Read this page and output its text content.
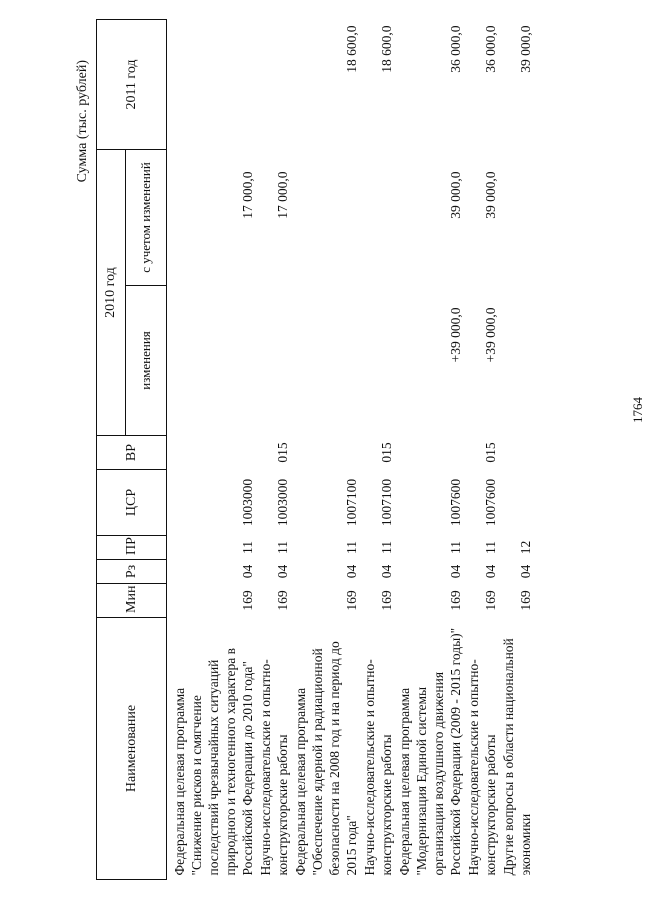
1764

Сумма (тыс. рублей)

Наименование	Мин	Рз	ПР	ЦСР	ВР	2010 год		2011 год
						изменения	с учетом изменений	
Федеральная целевая программа "Снижение рисков и смягчение последствий чрезвычайных ситуаций природного и техногенного характера в Российской Федерации до 2010 года"	169	04	11	1003000			17 000,0	
Научно-исследовательские и опытно-конструкторские работы	169	04	11	1003000	015		17 000,0	
Федеральная целевая программа "Обеспечение ядерной и радиационной безопасности на 2008 год и на период до 2015 года"	169	04	11	1007100				18 600,0
Научно-исследовательские и опытно-конструкторские работы	169	04	11	1007100	015			18 600,0
Федеральная целевая программа "Модернизация Единой системы организации воздушного движения Российской Федерации (2009 - 2015 годы)"	169	04	11	1007600		+39 000,0	39 000,0	36 000,0
Научно-исследовательские и опытно-конструкторские работы	169	04	11	1007600	015	+39 000,0	39 000,0	36 000,0
Другие вопросы в области национальной экономики	169	04	12					39 000,0
